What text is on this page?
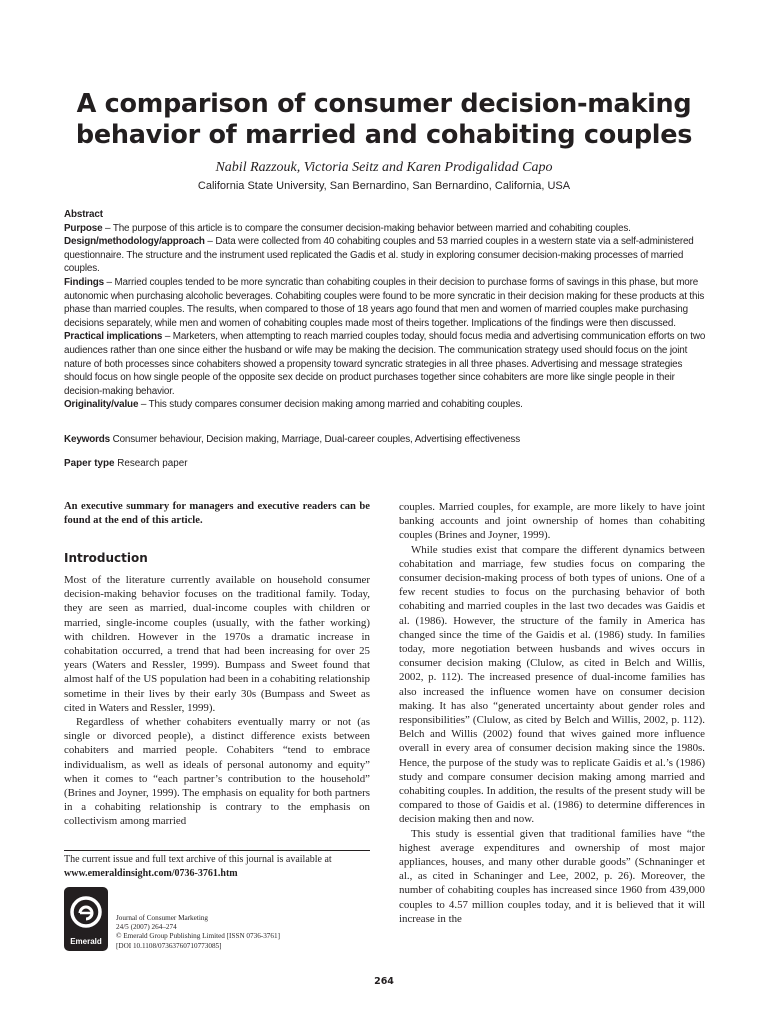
A comparison of consumer decision-making
behavior of married and cohabiting couples
Nabil Razzouk, Victoria Seitz and Karen Prodigalidad Capo
California State University, San Bernardino, San Bernardino, California, USA

Abstract

Purpose – The purpose of this article is to compare the consumer decision-making behavior between married and cohabiting couples.

Design/methodology/approach – Data were collected from 40 cohabiting couples and 53 married couples in a western state via a self-administered questionnaire. The structure and the instrument used replicated the Gadis et al. study in exploring consumer decision-making processes of married couples.

Findings – Married couples tended to be more syncratic than cohabiting couples in their decision to purchase forms of savings in this phase, but more autonomic when purchasing alcoholic beverages. Cohabiting couples were found to be more syncratic in their decision making for these products at this phase than married couples. The results, when compared to those of 18 years ago found that men and women of married couples make purchasing decisions separately, while men and women of cohabiting couples made most of theirs together. Implications of the findings were then discussed.

Practical implications – Marketers, when attempting to reach married couples today, should focus media and advertising communication efforts on two audiences rather than one since either the husband or wife may be making the decision. The communication strategy used should focus on the joint nature of both processes since cohabiters showed a propensity toward syncratic strategies in all three phases. Advertising and message strategies should focus on how single people of the opposite sex decide on product purchases together since cohabiters are more like single people in their decision-making behavior.

Originality/value – This study compares consumer decision making among married and cohabiting couples.

Keywords Consumer behaviour, Decision making, Marriage, Dual-career couples, Advertising effectiveness
Paper type Research paper

An executive summary for managers and executive readers can be found at the end of this article.

Introduction

Most of the literature currently available on household consumer decision-making behavior focuses on the traditional family. Today, they are seen as married, dual-income couples with children or married, single-income couples (usually, with the father working) with children. However in the 1970s a dramatic increase in cohabitation occurred, a trend that had been increasing for over 25 years (Waters and Ressler, 1999). Bumpass and Sweet found that almost half of the US population had been in a cohabiting relationship sometime in their lives by their early 30s (Bumpass and Sweet as cited in Waters and Ressler, 1999).

Regardless of whether cohabiters eventually marry or not (as single or divorced people), a distinct difference exists between cohabiters and married people. Cohabiters “tend to embrace individualism, as well as ideals of personal autonomy and equity” when it comes to “each partner’s contribution to the household” (Brines and Joyner, 1999). The emphasis on equality for both partners in a cohabiting relationship is contrary to the emphasis on collectivism among married

couples. Married couples, for example, are more likely to have joint banking accounts and joint ownership of homes than cohabiting couples (Brines and Joyner, 1999).

While studies exist that compare the different dynamics between cohabitation and marriage, few studies focus on comparing the consumer decision-making process of both types of unions. One of a few recent studies to focus on the purchasing behavior of both cohabiting and married couples in the last two decades was Gaidis et al. (1986). However, the structure of the family in America has changed since the time of the Gaidis et al. (1986) study. In families today, more negotiation between husbands and wives occurs in consumer decision making (Clulow, as cited in Belch and Willis, 2002, p. 112). The increased presence of dual-income families has also increased the influence women have on consumer decision making. It has also “generated uncertainty about gender roles and responsibilities” (Clulow, as cited by Belch and Willis, 2002, p. 112). Belch and Willis (2002) found that wives gained more influence overall in every area of consumer decision making since the 1980s. Hence, the purpose of the study was to replicate Gaidis et al.’s (1986) study and compare consumer decision making among married and cohabiting couples. In addition, the results of the present study will be compared to those of Gaidis et al. (1986) to determine differences in decision making then and now.

This study is essential given that traditional families have “the highest average expenditures and ownership of most major appliances, houses, and many other durable goods” (Schnaninger et al., as cited in Schaninger and Lee, 2002, p. 26). Moreover, the number of cohabiting couples has increased since 1960 from 439,000 couples to 4.57 million couples today, and it is believed that it will increase in the

The current issue and full text archive of this journal is available at
www.emeraldinsight.com/0736-3761.htm
Emerald
Journal of Consumer Marketing
24/5 (2007) 264–274
© Emerald Group Publishing Limited [ISSN 0736-3761]
[DOI 10.1108/07363760710773085]
264
